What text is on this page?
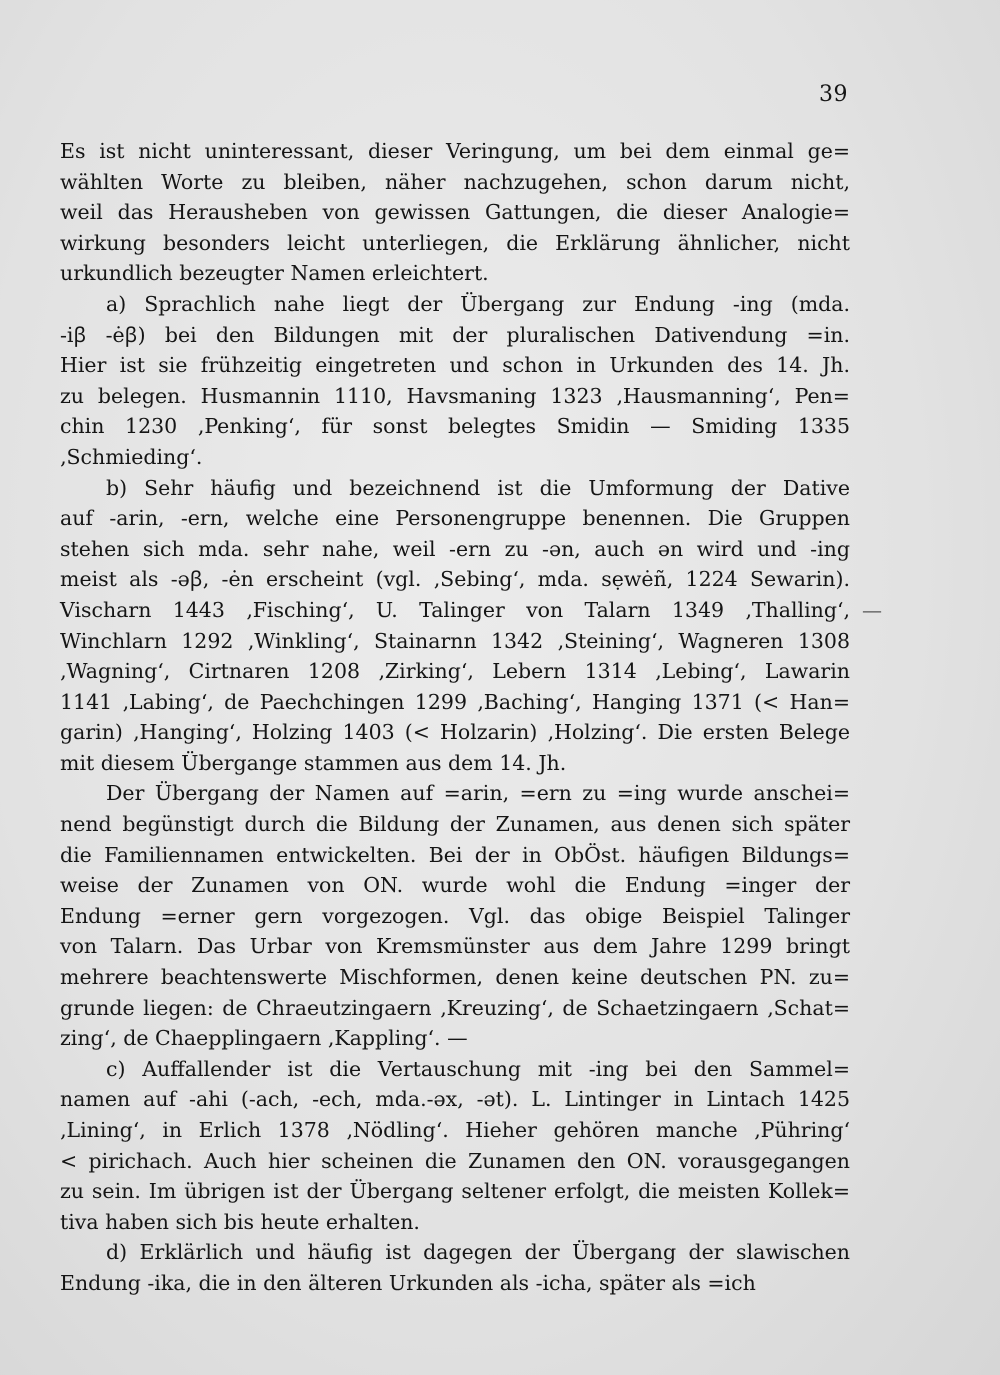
39
—
Es ist nicht uninteressant, dieser Veringung, um bei dem einmal ge=
wählten Worte zu bleiben, näher nachzugehen, schon darum nicht,
weil das Herausheben von gewissen Gattungen, die dieser Analogie=
wirkung besonders leicht unterliegen, die Erklärung ähnlicher, nicht
urkundlich bezeugter Namen erleichtert.
a) Sprachlich nahe liegt der Übergang zur Endung -ing (mda.
-iꞵ -ėꞵ) bei den Bildungen mit der pluralischen Dativendung =in.
Hier ist sie frühzeitig eingetreten und schon in Urkunden des 14. Jh.
zu belegen. Husmannin 1110, Havsmaning 1323 ‚Hausmanning‘, Pen=
chin 1230 ‚Penking‘, für sonst belegtes Smidin — Smiding 1335
‚Schmieding‘.
b) Sehr häufig und bezeichnend ist die Umformung der Dative
auf -arin, -ern, welche eine Personengruppe benennen. Die Gruppen
stehen sich mda. sehr nahe, weil -ern zu -ən, auch ən wird und -ing
meist als -əꞵ, -ėn erscheint (vgl. ‚Sebing‘, mda. sẹwėñ, 1224 Sewarin).
Vischarn 1443 ‚Fisching‘, U. Talinger von Talarn 1349 ‚Thalling‘,
Winchlarn 1292 ‚Winkling‘, Stainarnn 1342 ‚Steining‘, Wagneren 1308
‚Wagning‘, Cirtnaren 1208 ‚Zirking‘, Lebern 1314 ‚Lebing‘, Lawarin
1141 ‚Labing‘, de Paechchingen 1299 ‚Baching‘, Hanging 1371 (< Han=
garin) ‚Hanging‘, Holzing 1403 (< Holzarin) ‚Holzing‘. Die ersten Belege
mit diesem Übergange stammen aus dem 14. Jh.
Der Übergang der Namen auf =arin, =ern zu =ing wurde anschei=
nend begünstigt durch die Bildung der Zunamen, aus denen sich später
die Familiennamen entwickelten. Bei der in ObÖst. häufigen Bildungs=
weise der Zunamen von ON. wurde wohl die Endung =inger der
Endung =erner gern vorgezogen. Vgl. das obige Beispiel Talinger
von Talarn. Das Urbar von Kremsmünster aus dem Jahre 1299 bringt
mehrere beachtenswerte Mischformen, denen keine deutschen PN. zu=
grunde liegen: de Chraeutzingaern ‚Kreuzing‘, de Schaetzingaern ‚Schat=
zing‘, de Chaepplingaern ‚Kappling‘. —
c) Auffallender ist die Vertauschung mit -ing bei den Sammel=
namen auf -ahi (-ach, -ech, mda.-əx, -ət). L. Lintinger in Lintach 1425
‚Lining‘, in Erlich 1378 ‚Nödling‘. Hieher gehören manche ‚Pühring‘
< pirichach. Auch hier scheinen die Zunamen den ON. vorausgegangen
zu sein. Im übrigen ist der Übergang seltener erfolgt, die meisten Kollek=
tiva haben sich bis heute erhalten.
d) Erklärlich und häufig ist dagegen der Übergang der slawischen
Endung -ika, die in den älteren Urkunden als -icha, später als =ich
